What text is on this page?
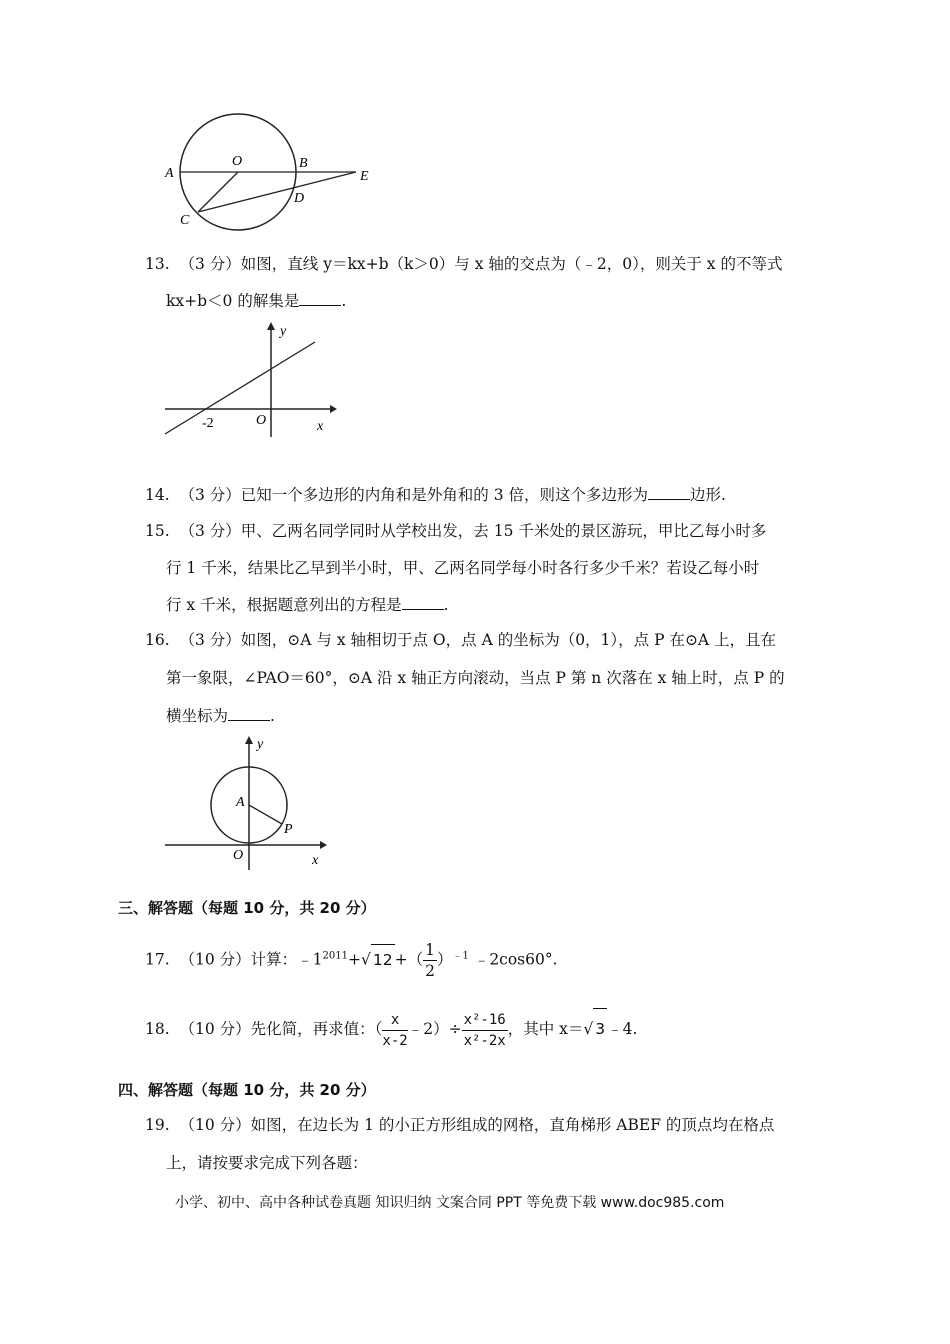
A
O	B
E
C
D
13. （3 分）如图，直线 y＝kx+b（k＞0）与 x 轴的交点为（﹣2，0），则关于 x 的不等式
kx+b＜0 的解集是	.
y
x
O
-2
14. （3 分）已知一个多边形的内角和是外角和的 3 倍，则这个多边形为	边形.
15. （3 分）甲、乙两名同学同时从学校出发，去 15 千米处的景区游玩，甲比乙每小时多
行 1 千米，结果比乙早到半小时，甲、乙两名同学每小时各行多少千米？若设乙每小时
行 x 千米，根据题意列出的方程是	.
16. （3 分）如图，⊙A 与 x 轴相切于点 O，点 A 的坐标为（0，1），点 P 在⊙A 上，且在
第一象限，∠PAO＝60°，⊙A 沿 x 轴正方向滚动，当点 P 第 n 次落在 x 轴上时，点 P 的
横坐标为	.
y
x
O
A
P
三、解答题（每题 10 分，共 20 分）
17. （10 分）计算：$﹣1^{2011}+√$ 12 +（ $\frac{1}{2} )^{﹣1}$ ﹣2cos60°.
18. （10 分）先化简，再求值：（ $\frac{x}{x-2}$ ﹣2）÷ $\frac{\text{x²-16}}{\text{x²-2x}}$ ，其中 x＝√ 3 ﹣4.
四、解答题（每题 10 分，共 20 分）
19. （10 分）如图，在边长为 1 的小正方形组成的网格，直角梯形 ABEF 的顶点均在格点
上，请按要求完成下列各题：
小学、初中、高中各种试卷真题 知识归纳 文案合同 PPT 等免费下载 www.doc985.com
